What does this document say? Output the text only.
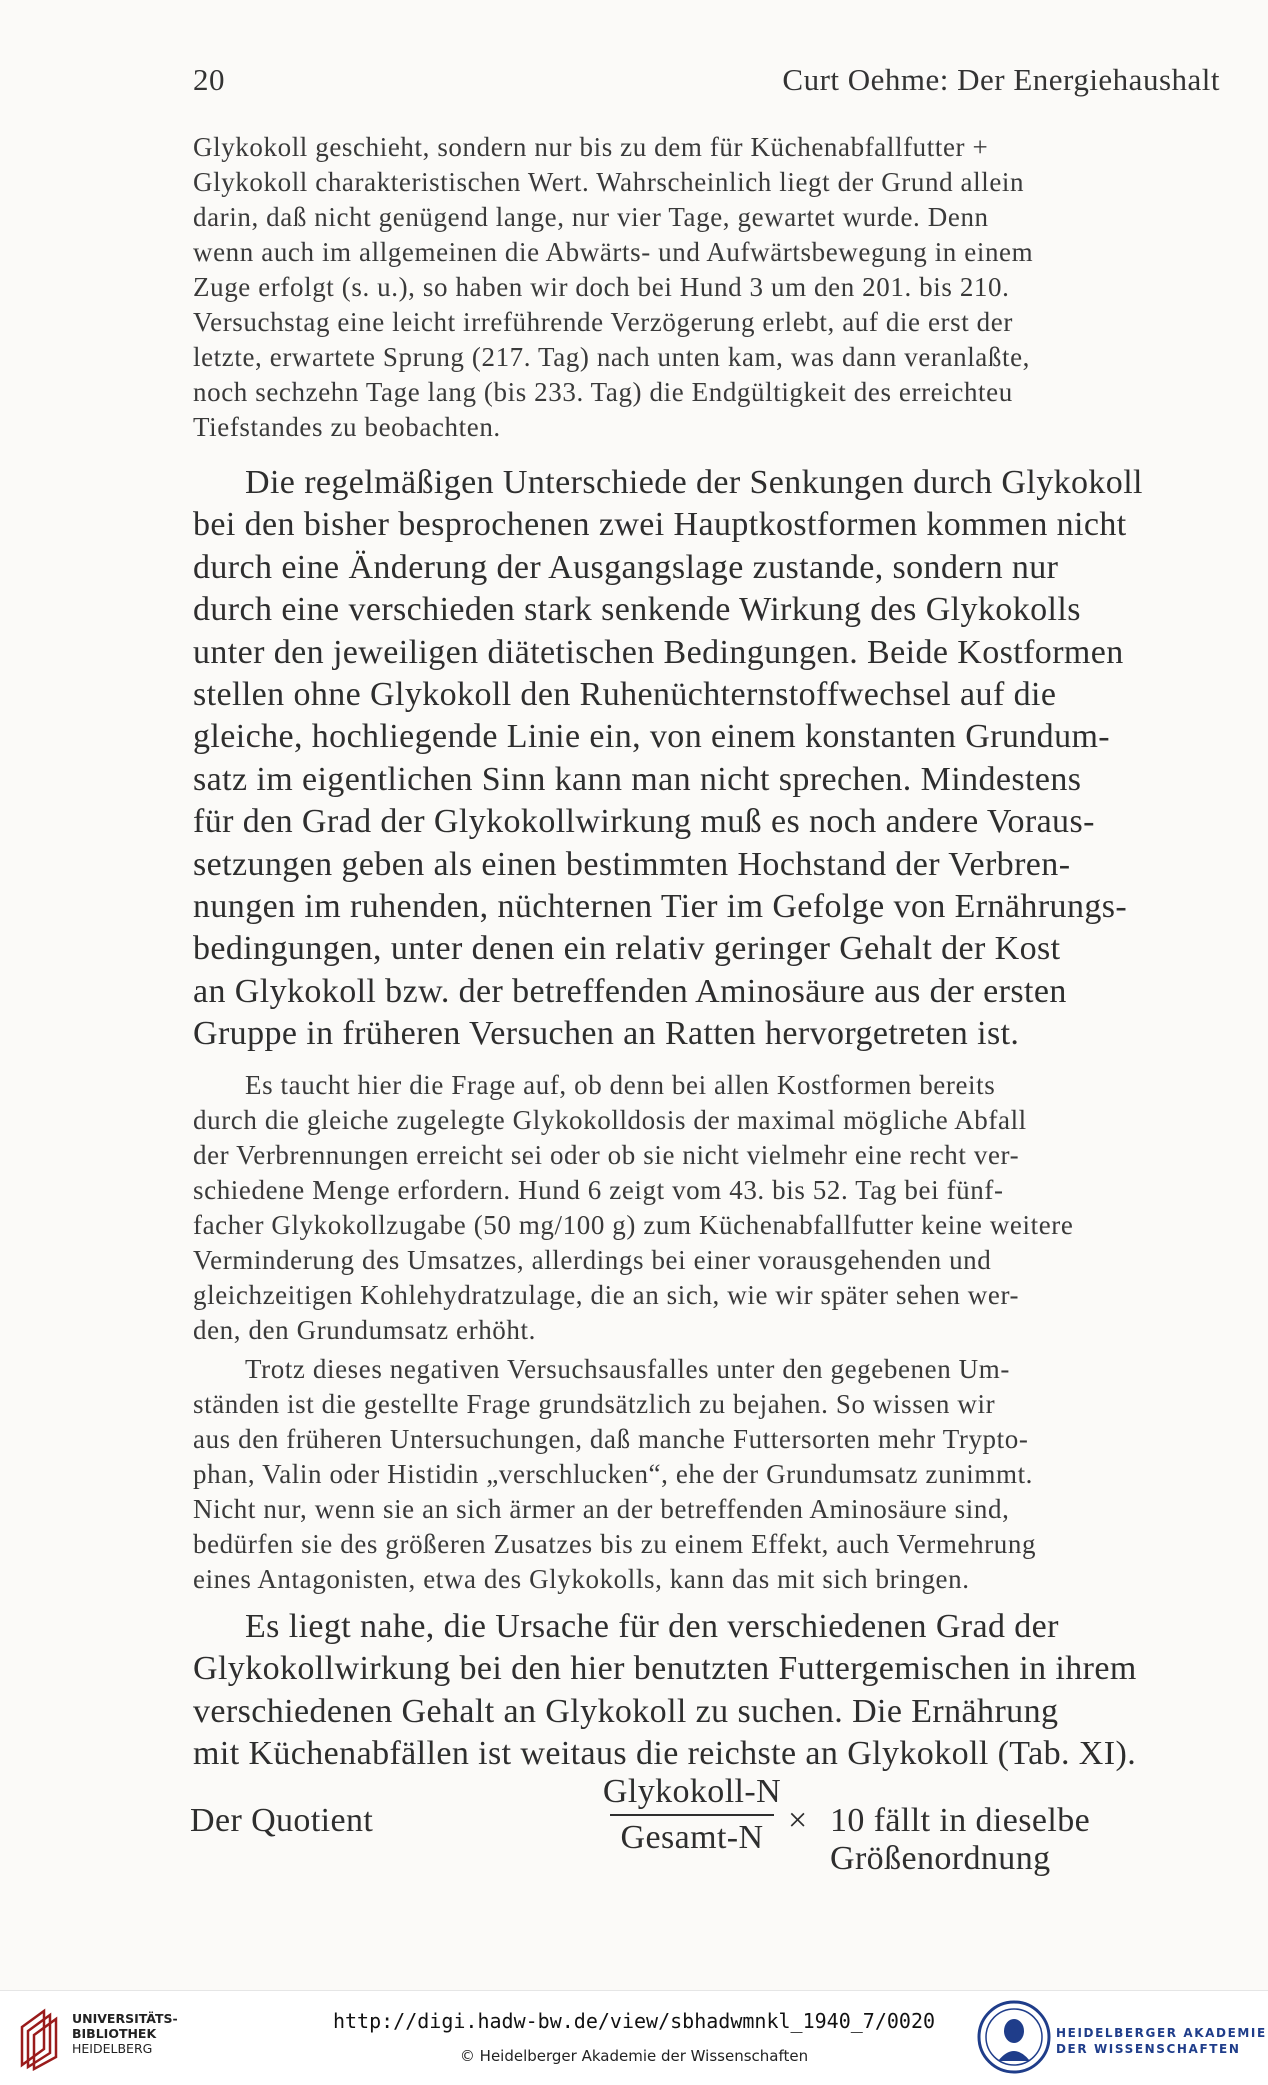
20	Curt Oehme: Der Energiehaushalt
Glykokoll geschieht, sondern nur bis zu dem für Küchenabfallfutter +
Glykokoll charakteristischen Wert. Wahrscheinlich liegt der Grund allein
darin, daß nicht genügend lange, nur vier Tage, gewartet wurde. Denn
wenn auch im allgemeinen die Abwärts- und Aufwärtsbewegung in einem
Zuge erfolgt (s. u.), so haben wir doch bei Hund 3 um den 201. bis 210.
Versuchstag eine leicht irreführende Verzögerung erlebt, auf die erst der
letzte, erwartete Sprung (217. Tag) nach unten kam, was dann veranlaßte,
noch sechzehn Tage lang (bis 233. Tag) die Endgültigkeit des erreichteu
Tiefstandes zu beobachten.
Die regelmäßigen Unterschiede der Senkungen durch Glykokoll
bei den bisher besprochenen zwei Hauptkostformen kommen nicht
durch eine Änderung der Ausgangslage zustande, sondern nur
durch eine verschieden stark senkende Wirkung des Glykokolls
unter den jeweiligen diätetischen Bedingungen. Beide Kostformen
stellen ohne Glykokoll den Ruhenüchternstoffwechsel auf die
gleiche, hochliegende Linie ein, von einem konstanten Grundum-
satz im eigentlichen Sinn kann man nicht sprechen. Mindestens
für den Grad der Glykokollwirkung muß es noch andere Voraus-
setzungen geben als einen bestimmten Hochstand der Verbren-
nungen im ruhenden, nüchternen Tier im Gefolge von Ernährungs-
bedingungen, unter denen ein relativ geringer Gehalt der Kost
an Glykokoll bzw. der betreffenden Aminosäure aus der ersten
Gruppe in früheren Versuchen an Ratten hervorgetreten ist.
Es taucht hier die Frage auf, ob denn bei allen Kostformen bereits
durch die gleiche zugelegte Glykokolldosis der maximal mögliche Abfall
der Verbrennungen erreicht sei oder ob sie nicht vielmehr eine recht ver-
schiedene Menge erfordern. Hund 6 zeigt vom 43. bis 52. Tag bei fünf-
facher Glykokollzugabe (50 mg/100 g) zum Küchenabfallfutter keine weitere
Verminderung des Umsatzes, allerdings bei einer vorausgehenden und
gleichzeitigen Kohlehydratzulage, die an sich, wie wir später sehen wer-
den, den Grundumsatz erhöht.
Trotz dieses negativen Versuchsausfalles unter den gegebenen Um-
ständen ist die gestellte Frage grundsätzlich zu bejahen. So wissen wir
aus den früheren Untersuchungen, daß manche Futtersorten mehr Trypto-
phan, Valin oder Histidin „verschlucken“, ehe der Grundumsatz zunimmt.
Nicht nur, wenn sie an sich ärmer an der betreffenden Aminosäure sind,
bedürfen sie des größeren Zusatzes bis zu einem Effekt, auch Vermehrung
eines Antagonisten, etwa des Glykokolls, kann das mit sich bringen.
Es liegt nahe, die Ursache für den verschiedenen Grad der
Glykokollwirkung bei den hier benutzten Futtergemischen in ihrem
verschiedenen Gehalt an Glykokoll zu suchen. Die Ernährung
mit Küchenabfällen ist weitaus die reichste an Glykokoll (Tab. XI).
Der Quotient
Glykokoll-N
Gesamt-N × 10 fällt in dieselbe Größenordnung
UNIVERSITÄTS-
BIBLIOTHEK
HEIDELBERG
http://digi.hadw-bw.de/view/sbhadwmnkl_1940_7/0020
© Heidelberger Akademie der Wissenschaften
HEIDELBERGER AKADEMIE
DER WISSENSCHAFTEN
